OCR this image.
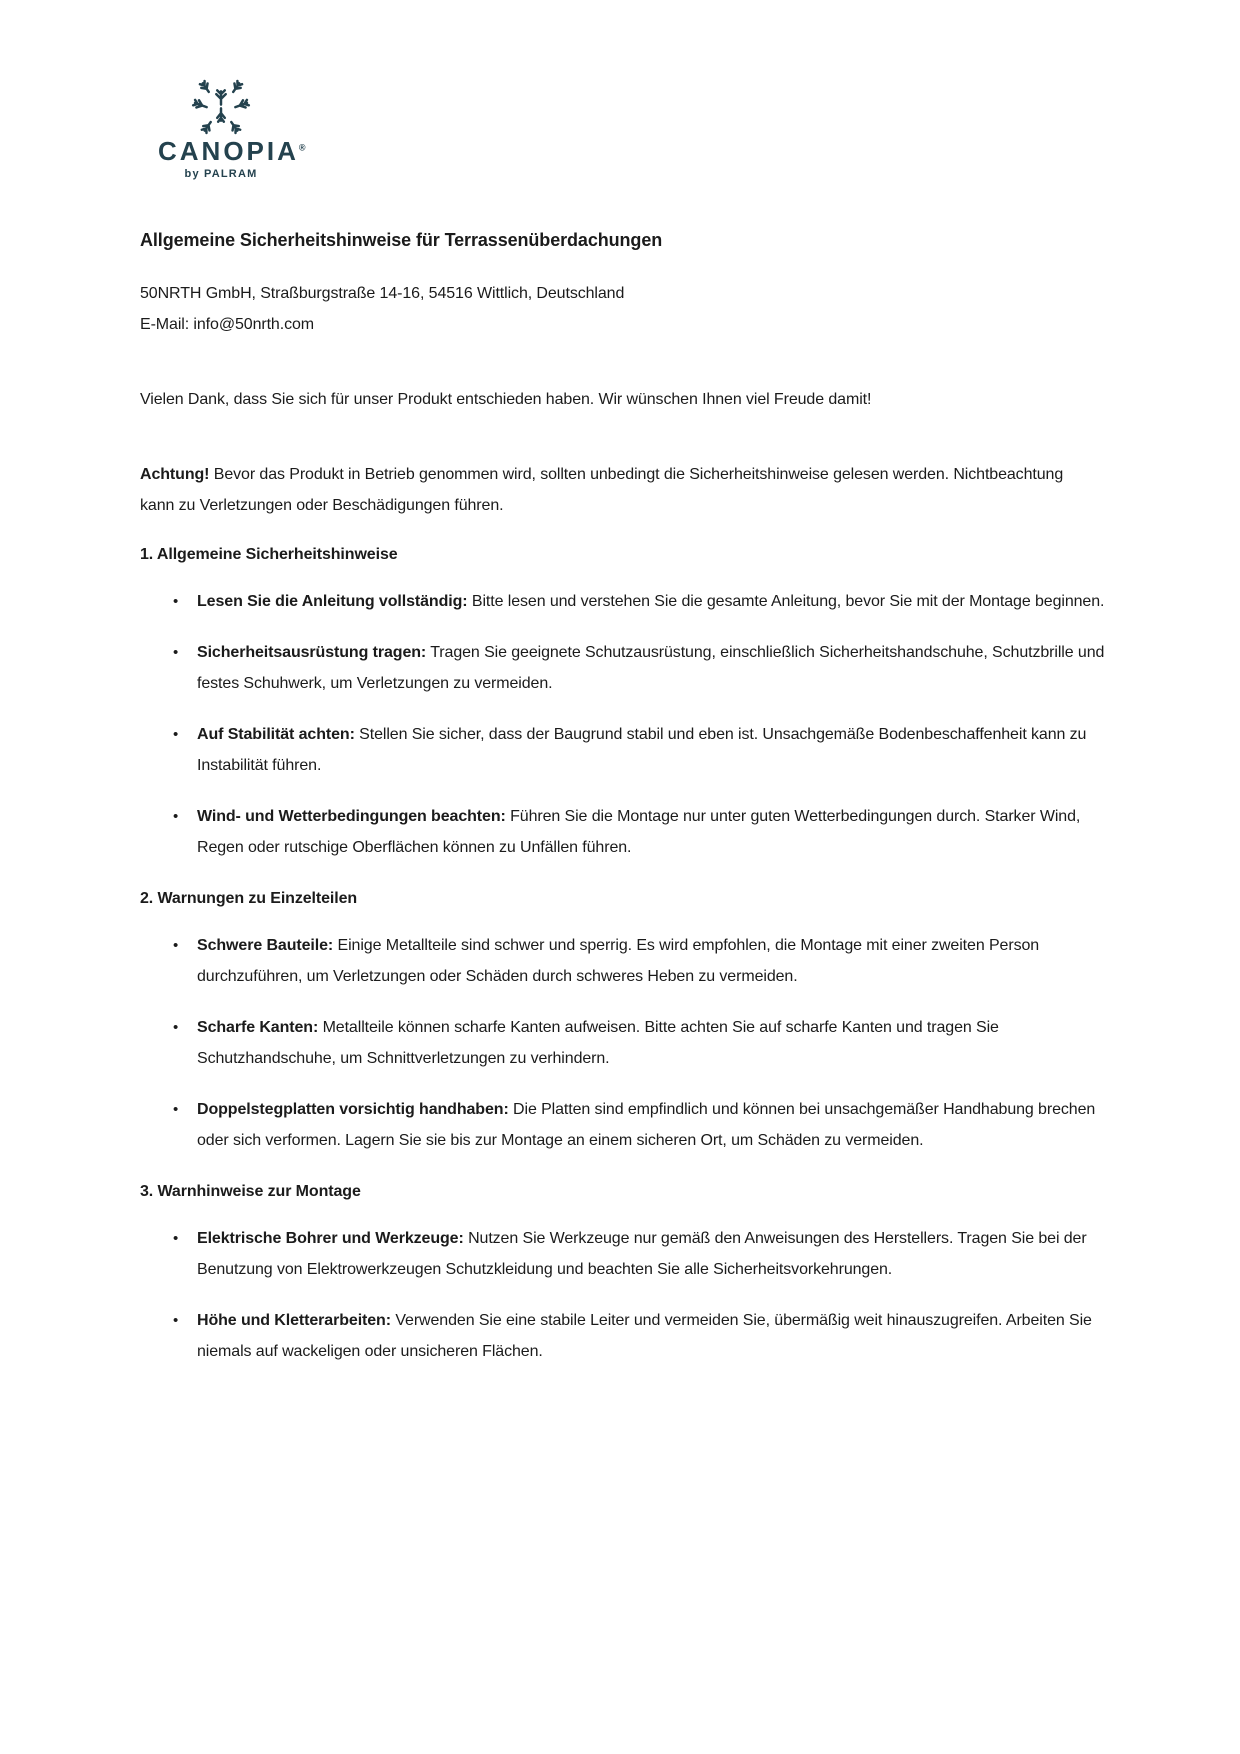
CANOPIA®
by PALRAM
Allgemeine Sicherheitshinweise für Terrassenüberdachungen

50NRTH GmbH, Straßburgstraße 14-16, 54516 Wittlich, Deutschland
E-Mail: info@50nrth.com

Vielen Dank, dass Sie sich für unser Produkt entschieden haben. Wir wünschen Ihnen viel Freude damit!

Achtung! Bevor das Produkt in Betrieb genommen wird, sollten unbedingt die Sicherheitshinweise gelesen werden. Nichtbeachtung kann zu Verletzungen oder Beschädigungen führen.

1. Allgemeine Sicherheitshinweise
•	Lesen Sie die Anleitung vollständig: Bitte lesen und verstehen Sie die gesamte Anleitung, bevor Sie mit der Montage beginnen.

•	Sicherheitsausrüstung tragen: Tragen Sie geeignete Schutzausrüstung, einschließlich Sicherheitshandschuhe, Schutzbrille und festes Schuhwerk, um Verletzungen zu vermeiden.

•	Auf Stabilität achten: Stellen Sie sicher, dass der Baugrund stabil und eben ist. Unsachgemäße Bodenbeschaffenheit kann zu Instabilität führen.

•	Wind- und Wetterbedingungen beachten: Führen Sie die Montage nur unter guten Wetterbedingungen durch. Starker Wind, Regen oder rutschige Oberflächen können zu Unfällen führen.

2. Warnungen zu Einzelteilen
•	Schwere Bauteile: Einige Metallteile sind schwer und sperrig. Es wird empfohlen, die Montage mit einer zweiten Person durchzuführen, um Verletzungen oder Schäden durch schweres Heben zu vermeiden.

•	Scharfe Kanten: Metallteile können scharfe Kanten aufweisen. Bitte achten Sie auf scharfe Kanten und tragen Sie Schutzhandschuhe, um Schnittverletzungen zu verhindern.

•	Doppelstegplatten vorsichtig handhaben: Die Platten sind empfindlich und können bei unsachgemäßer Handhabung brechen oder sich verformen. Lagern Sie sie bis zur Montage an einem sicheren Ort, um Schäden zu vermeiden.

3. Warnhinweise zur Montage
•	Elektrische Bohrer und Werkzeuge: Nutzen Sie Werkzeuge nur gemäß den Anweisungen des Herstellers. Tragen Sie bei der Benutzung von Elektrowerkzeugen Schutzkleidung und beachten Sie alle Sicherheitsvorkehrungen.

•	Höhe und Kletterarbeiten: Verwenden Sie eine stabile Leiter und vermeiden Sie, übermäßig weit hinauszugreifen. Arbeiten Sie niemals auf wackeligen oder unsicheren Flächen.
